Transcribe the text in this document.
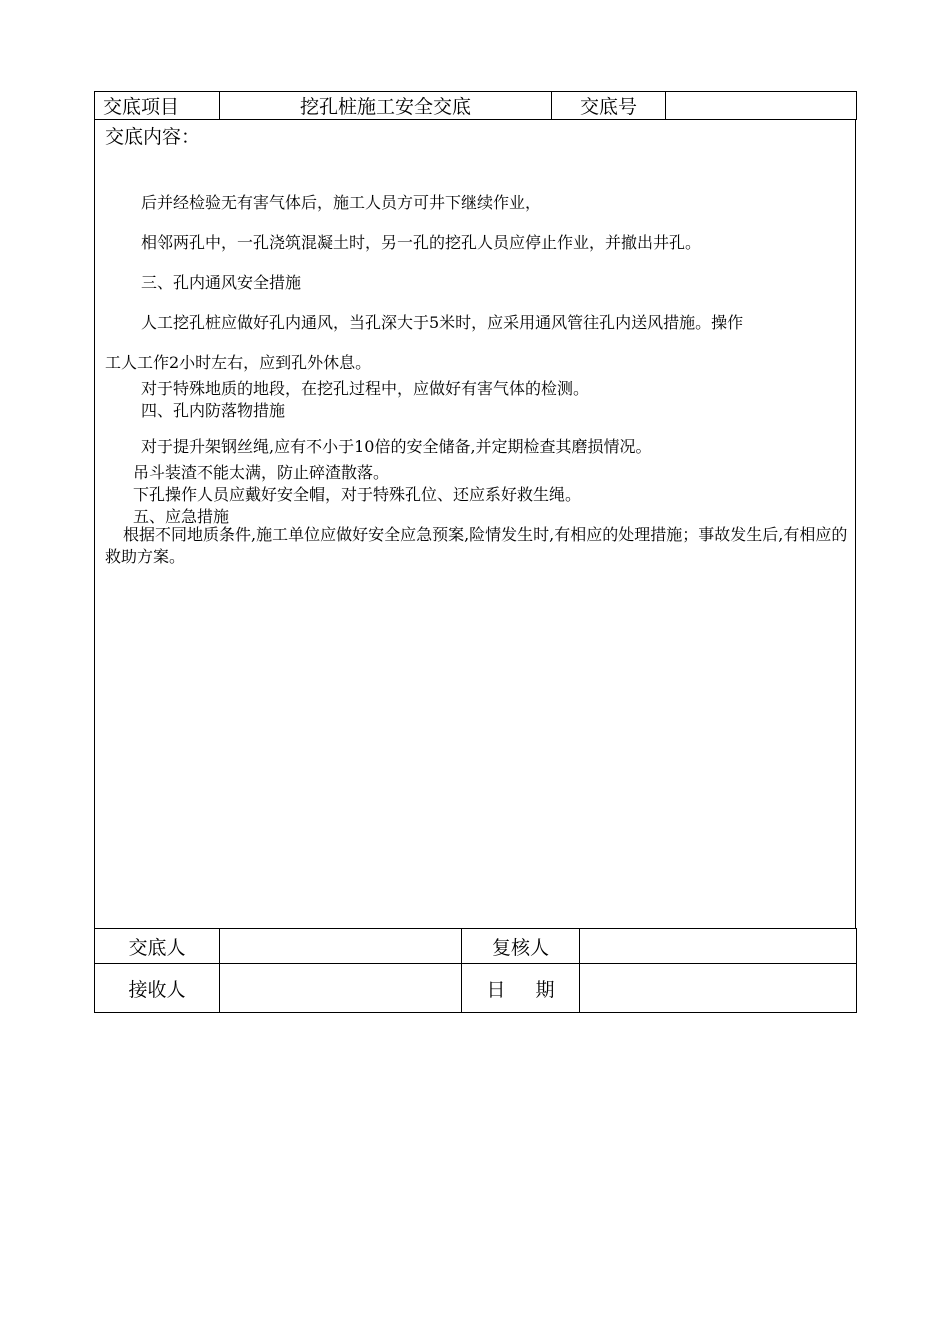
交底项目	挖孔桩施工安全交底	交底号	
交底内容：
后并经检验无有害气体后，施工人员方可井下继续作业，
相邻两孔中，一孔浇筑混凝土时，另一孔的挖孔人员应停止作业，并撤出井孔。
三、孔内通风安全措施
人工挖孔桩应做好孔内通风，当孔深大于5米时，应采用通风管往孔内送风措施。操作
工人工作2小时左右，应到孔外休息。
对于特殊地质的地段，在挖孔过程中，应做好有害气体的检测。
四、孔内防落物措施
对于提升架钢丝绳,应有不小于10倍的安全储备,并定期检查其磨损情况。
吊斗装渣不能太满，防止碎渣散落。
下孔操作人员应戴好安全帽，对于特殊孔位、还应系好救生绳。
五、应急措施
根据不同地质条件,施工单位应做好安全应急预案,险情发生时,有相应的处理措施；事故发生后,有相应的救助方案。
交底人		复核人	
接收人		日 期	
